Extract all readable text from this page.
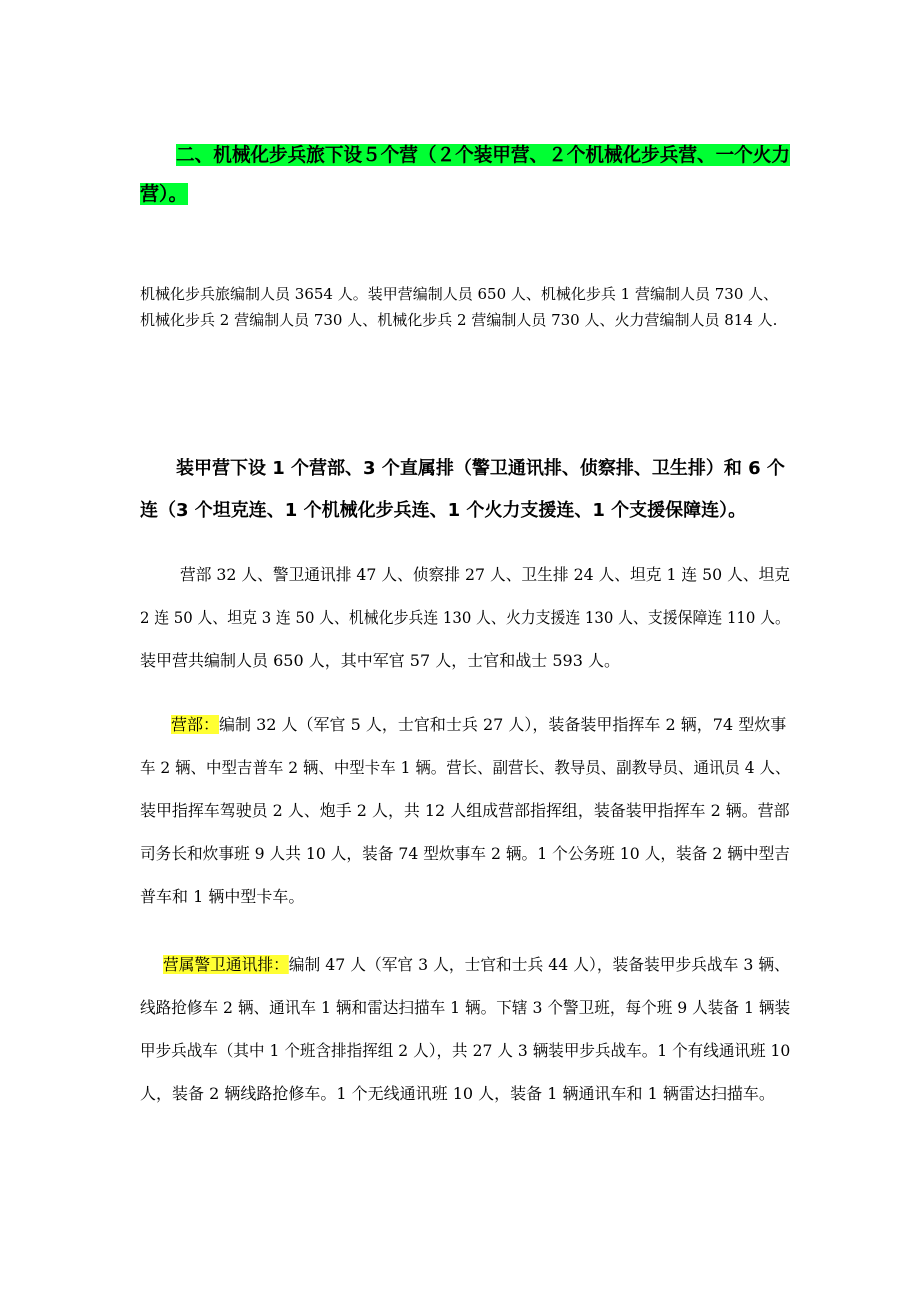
二、机械化步兵旅下设５个营（２个装甲营、２个机械化步兵营、一个火力
营）。
机械化步兵旅编制人员 3654 人。装甲营编制人员 650 人、机械化步兵 1 营编制人员 730 人、
机械化步兵 2 营编制人员 730 人、机械化步兵 2 营编制人员 730 人、火力营编制人员 814 人.
装甲营下设 1 个营部、3 个直属排（警卫通讯排、侦察排、卫生排）和 6 个
连（3 个坦克连、1 个机械化步兵连、1 个火力支援连、1 个支援保障连）。
营部 32 人、警卫通讯排 47 人、侦察排 27 人、卫生排 24 人、坦克 1 连 50 人、坦克
2 连 50 人、坦克 3 连 50 人、机械化步兵连 130 人、火力支援连 130 人、支援保障连 110 人。
装甲营共编制人员 650 人，其中军官 57 人，士官和战士 593 人。
营部：编制 32 人（军官 5 人，士官和士兵 27 人），装备装甲指挥车 2 辆，74 型炊事
车 2 辆、中型吉普车 2 辆、中型卡车 1 辆。营长、副营长、教导员、副教导员、通讯员 4 人、
装甲指挥车驾驶员 2 人、炮手 2 人，共 12 人组成营部指挥组，装备装甲指挥车 2 辆。营部
司务长和炊事班 9 人共 10 人，装备 74 型炊事车 2 辆。1 个公务班 10 人，装备 2 辆中型吉
普车和 1 辆中型卡车。
营属警卫通讯排：编制 47 人（军官 3 人，士官和士兵 44 人），装备装甲步兵战车 3 辆、
线路抢修车 2 辆、通讯车 1 辆和雷达扫描车 1 辆。下辖 3 个警卫班，每个班 9 人装备 1 辆装
甲步兵战车（其中 1 个班含排指挥组 2 人），共 27 人 3 辆装甲步兵战车。1 个有线通讯班 10
人，装备 2 辆线路抢修车。1 个无线通讯班 10 人，装备 1 辆通讯车和 1 辆雷达扫描车。
